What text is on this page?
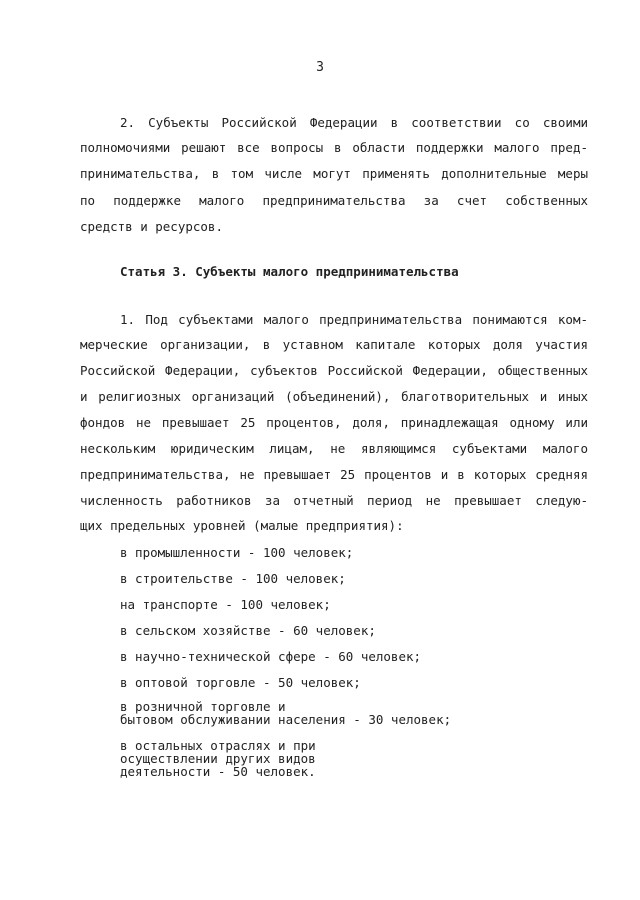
3
2. Субъекты Российской Федерации в соответствии со своими
полномочиями решают все вопросы в области поддержки малого пред-
принимательства, в том числе могут применять дополнительные меры
по поддержке малого предпринимательства за счет собственных
средств и ресурсов.
Статья 3. Субъекты малого предпринимательства
1. Под субъектами малого предпринимательства понимаются ком-
мерческие организации, в уставном капитале которых доля участия
Российской Федерации, субъектов Российской Федерации, общественных
и религиозных организаций (объединений), благотворительных и иных
фондов не превышает 25 процентов, доля, принадлежащая одному или
нескольким юридическим лицам, не являющимся субъектами малого
предпринимательства, не превышает 25 процентов и в которых средняя
численность работников за отчетный период не превышает следую-
щих предельных уровней (малые предприятия):
в промышленности - 100 человек;
в строительстве - 100 человек;
на транспорте - 100 человек;
в сельском хозяйстве - 60 человек;
в научно-технической сфере - 60 человек;
в оптовой торговле - 50 человек;
в розничной торговле и
бытовом обслуживании населения - 30 человек;
в остальных отраслях и при
осуществлении других видов
деятельности - 50 человек.
